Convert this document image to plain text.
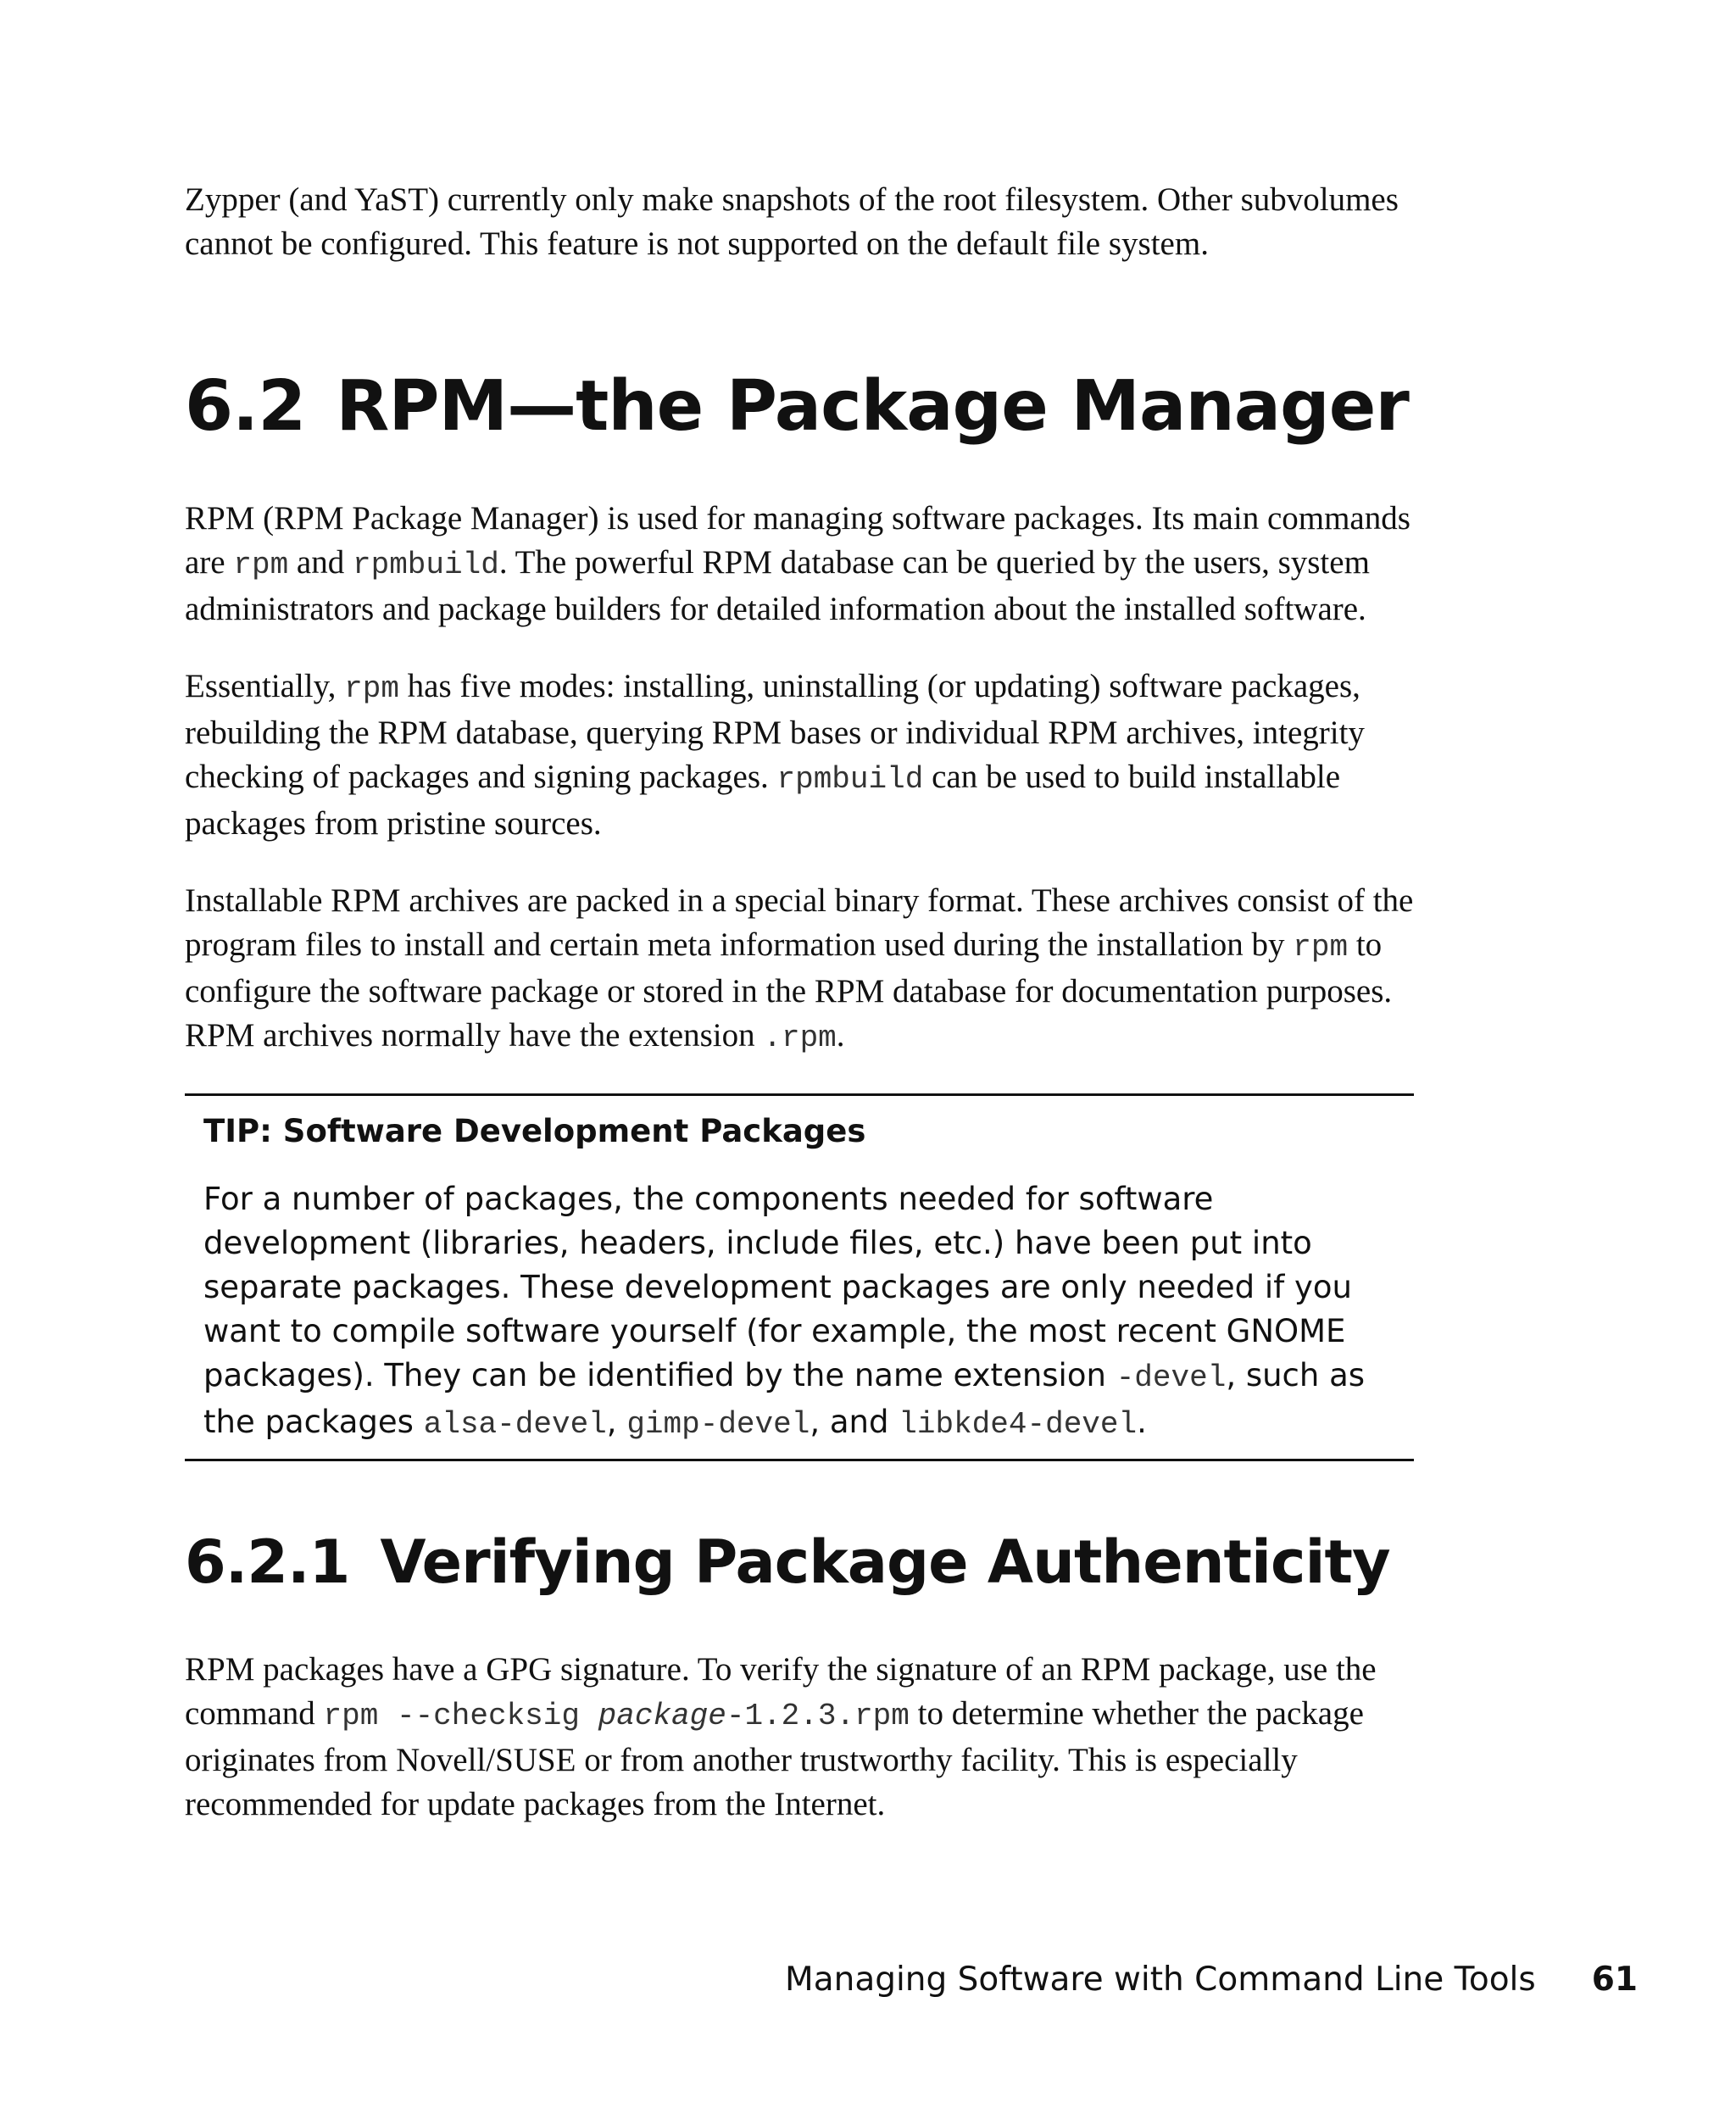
Zypper (and YaST) currently only make snapshots of the root filesystem. Other subvolumes cannot be configured. This feature is not supported on the default file system.

6.2 RPM—the Package Manager

RPM (RPM Package Manager) is used for managing software packages. Its main commands are rpm and rpmbuild. The powerful RPM database can be queried by the users, system administrators and package builders for detailed information about the installed software.

Essentially, rpm has five modes: installing, uninstalling (or updating) software packages, rebuilding the RPM database, querying RPM bases or individual RPM archives, integrity checking of packages and signing packages. rpmbuild can be used to build installable packages from pristine sources.

Installable RPM archives are packed in a special binary format. These archives consist of the program files to install and certain meta information used during the installation by rpm to configure the software package or stored in the RPM database for documentation purposes. RPM archives normally have the extension .rpm.

TIP: Software Development Packages

For a number of packages, the components needed for software development (libraries, headers, include files, etc.) have been put into separate packages. These development packages are only needed if you want to compile software yourself (for example, the most recent GNOME packages). They can be identified by the name extension -devel, such as the packages alsa-devel, gimp-devel, and libkde4-devel.

6.2.1 Verifying Package Authenticity

RPM packages have a GPG signature. To verify the signature of an RPM package, use the command rpm --checksig package-1.2.3.rpm to determine whether the package originates from Novell/SUSE or from another trustworthy facility. This is especially recommended for update packages from the Internet.

Managing Software with Command Line Tools 61
